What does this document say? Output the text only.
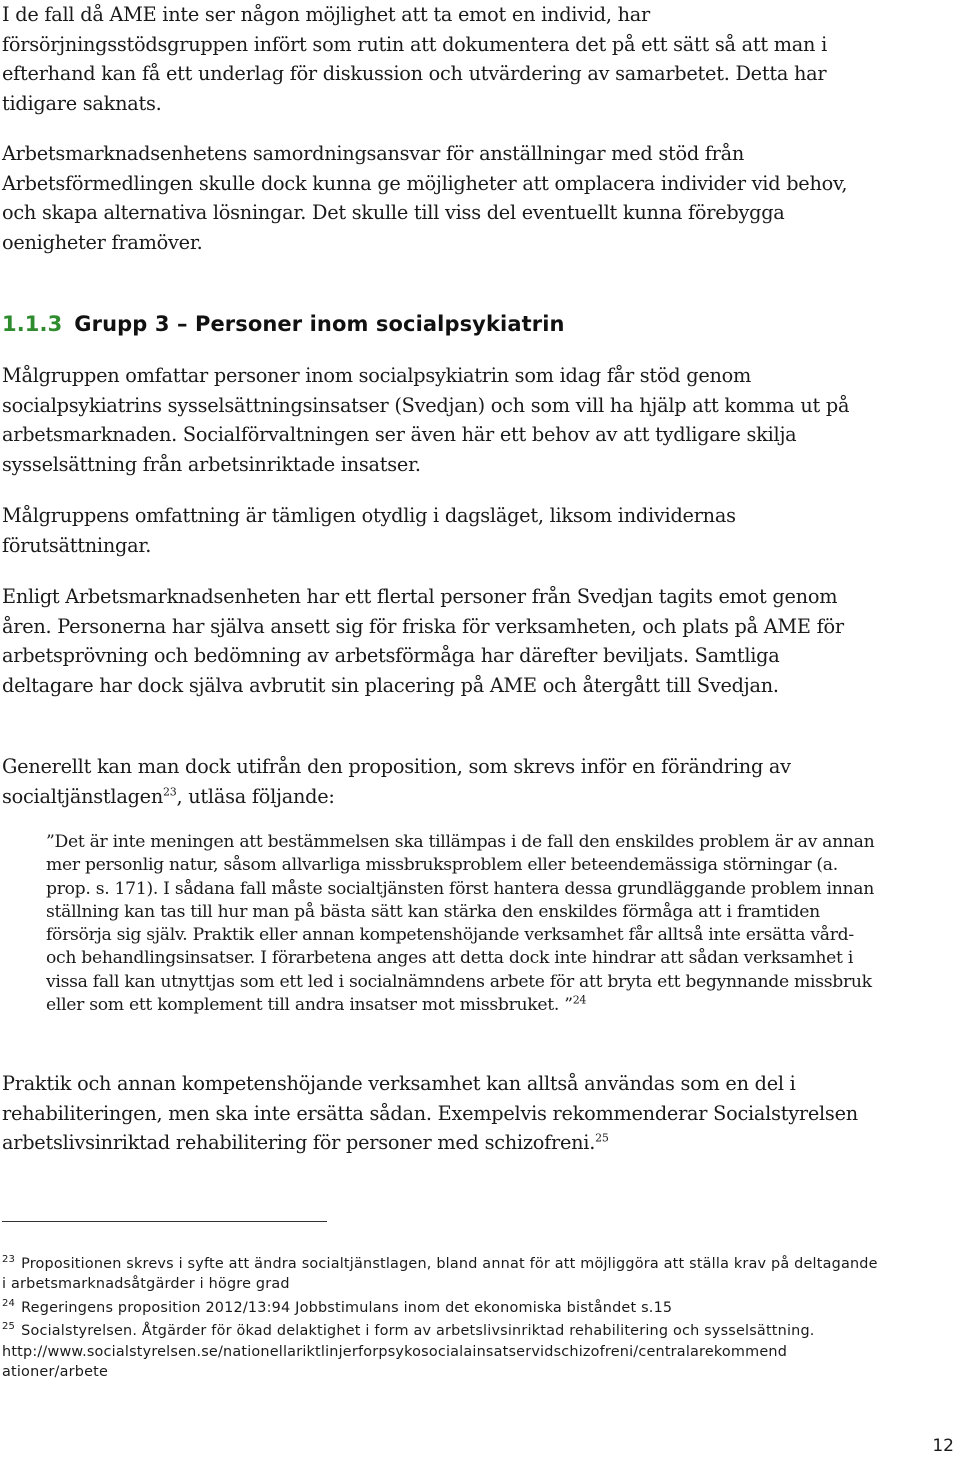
I de fall då AME inte ser någon möjlighet att ta emot en individ, har försörjningsstödsgruppen infört som rutin att dokumentera det på ett sätt så att man i efterhand kan få ett underlag för diskussion och utvärdering av samarbetet. Detta har tidigare saknats.

Arbetsmarknadsenhetens samordningsansvar för anställningar med stöd från Arbetsförmedlingen skulle dock kunna ge möjligheter att omplacera individer vid behov, och skapa alternativa lösningar. Det skulle till viss del eventuellt kunna förebygga oenigheter framöver.

1.1.3 Grupp 3 – Personer inom socialpsykiatrin

Målgruppen omfattar personer inom socialpsykiatrin som idag får stöd genom socialpsykiatrins sysselsättningsinsatser (Svedjan) och som vill ha hjälp att komma ut på arbetsmarknaden. Socialförvaltningen ser även här ett behov av att tydligare skilja sysselsättning från arbetsinriktade insatser.

Målgruppens omfattning är tämligen otydlig i dagsläget, liksom individernas förutsättningar.

Enligt Arbetsmarknadsenheten har ett flertal personer från Svedjan tagits emot genom åren. Personerna har själva ansett sig för friska för verksamheten, och plats på AME för arbetsprövning och bedömning av arbetsförmåga har därefter beviljats. Samtliga deltagare har dock själva avbrutit sin placering på AME och återgått till Svedjan.

Generellt kan man dock utifrån den proposition, som skrevs inför en förändring av socialtjänstlagen$^{23}$, utläsa följande:

”Det är inte meningen att bestämmelsen ska tillämpas i de fall den enskildes problem är av annan mer personlig natur, såsom allvarliga missbruksproblem eller beteendemässiga störningar (a. prop. s. 171). I sådana fall måste socialtjänsten först hantera dessa grundläggande problem innan ställning kan tas till hur man på bästa sätt kan stärka den enskildes förmåga att i framtiden försörja sig själv. Praktik eller annan kompetenshöjande verksamhet får alltså inte ersätta vård- och behandlingsinsatser. I förarbetena anges att detta dock inte hindrar att sådan verksamhet i vissa fall kan utnyttjas som ett led i socialnämndens arbete för att bryta ett begynnande missbruk eller som ett komplement till andra insatser mot missbruket. ”$^{24}$

Praktik och annan kompetenshöjande verksamhet kan alltså användas som en del i rehabiliteringen, men ska inte ersätta sådan. Exempelvis rekommenderar Socialstyrelsen arbetslivsinriktad rehabilitering för personer med schizofreni.$^{25}$

$^{23}$ Propositionen skrevs i syfte att ändra socialtjänstlagen, bland annat för att möjliggöra att ställa krav på deltagande i arbetsmarknadsåtgärder i högre grad

$^{24}$ Regeringens proposition 2012/13:94 Jobbstimulans inom det ekonomiska biståndet s.15

$^{25}$ Socialstyrelsen. Åtgärder för ökad delaktighet i form av arbetslivsinriktad rehabilitering och sysselsättning.
http://www.socialstyrelsen.se/nationellariktlinjerforpsykosocialainsatservidschizofreni/centralarekommend ationer/arbete

12
